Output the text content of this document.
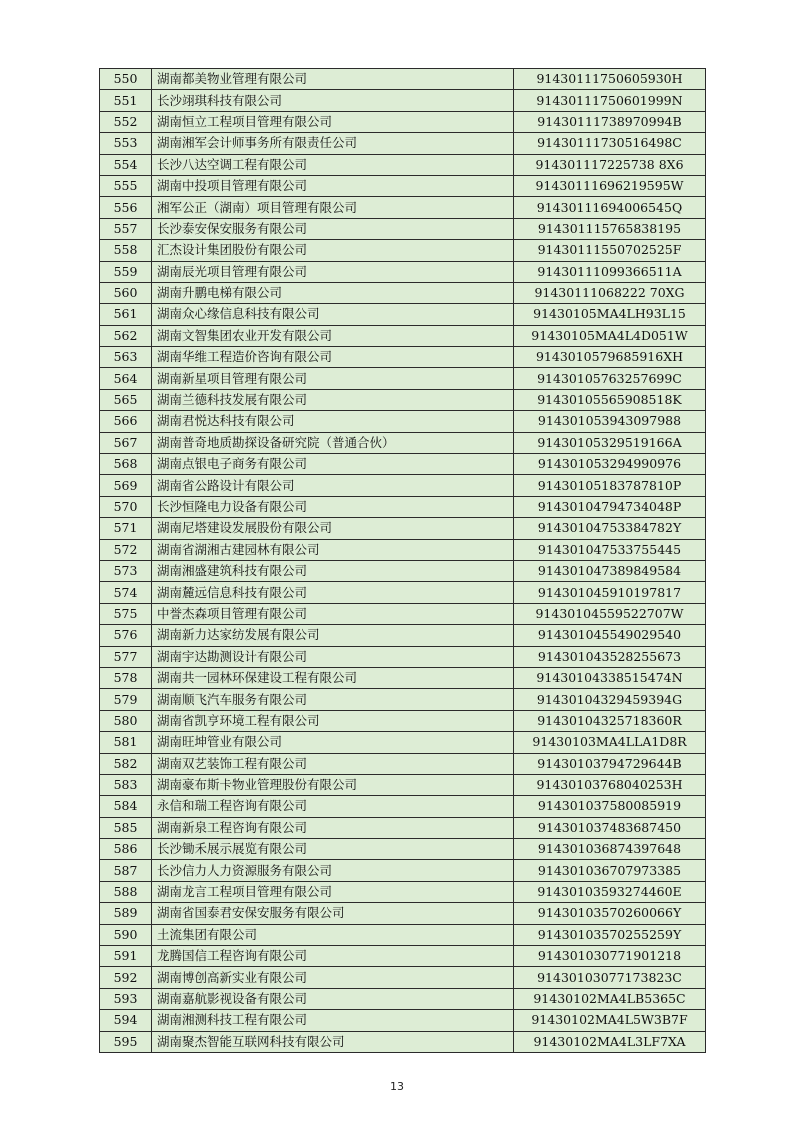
550	湖南都美物业管理有限公司	91430111750605930H
551	长沙翊琪科技有限公司	91430111750601999N
552	湖南恒立工程项目管理有限公司	91430111738970994B
553	湖南湘军会计师事务所有限责任公司	91430111730516498C
554	长沙八达空调工程有限公司	914301117225738 8X6
555	湖南中投项目管理有限公司	91430111696219595W
556	湘军公正（湖南）项目管理有限公司	91430111694006545Q
557	长沙泰安保安服务有限公司	914301115765838195
558	汇杰设计集团股份有限公司	91430111550702525F
559	湖南辰光项目管理有限公司	91430111099366511A
560	湖南升鹏电梯有限公司	91430111068222 70XG
561	湖南众心缘信息科技有限公司	91430105MA4LH93L15
562	湖南文智集团农业开发有限公司	91430105MA4L4D051W
563	湖南华维工程造价咨询有限公司	9143010579685916XH
564	湖南新星项目管理有限公司	91430105763257699C
565	湖南兰德科技发展有限公司	91430105565908518K
566	湖南君悦达科技有限公司	914301053943097988
567	湖南普奇地质勘探设备研究院（普通合伙）	91430105329519166A
568	湖南点银电子商务有限公司	914301053294990976
569	湖南省公路设计有限公司	91430105183787810P
570	长沙恒隆电力设备有限公司	91430104794734048P
571	湖南尼塔建设发展股份有限公司	91430104753384782Y
572	湖南省湖湘古建园林有限公司	914301047533755445
573	湖南湘盛建筑科技有限公司	914301047389849584
574	湖南麓远信息科技有限公司	914301045910197817
575	中誉杰森项目管理有限公司	91430104559522707W
576	湖南新力达家纺发展有限公司	914301045549029540
577	湖南宇达勘测设计有限公司	914301043528255673
578	湖南共一园林环保建设工程有限公司	91430104338515474N
579	湖南顺飞汽车服务有限公司	91430104329459394G
580	湖南省凯亨环境工程有限公司	91430104325718360R
581	湖南旺坤管业有限公司	91430103MA4LLA1D8R
582	湖南双艺装饰工程有限公司	91430103794729644B
583	湖南豪布斯卡物业管理股份有限公司	91430103768040253H
584	永信和瑞工程咨询有限公司	914301037580085919
585	湖南新泉工程咨询有限公司	914301037483687450
586	长沙锄禾展示展览有限公司	914301036874397648
587	长沙信力人力资源服务有限公司	914301036707973385
588	湖南龙言工程项目管理有限公司	91430103593274460E
589	湖南省国泰君安保安服务有限公司	91430103570260066Y
590	土流集团有限公司	91430103570255259Y
591	龙腾国信工程咨询有限公司	914301030771901218
592	湖南博创高新实业有限公司	91430103077173823C
593	湖南嘉航影视设备有限公司	91430102MA4LB5365C
594	湖南湘测科技工程有限公司	91430102MA4L5W3B7F
595	湖南聚杰智能互联网科技有限公司	91430102MA4L3LF7XA
13
